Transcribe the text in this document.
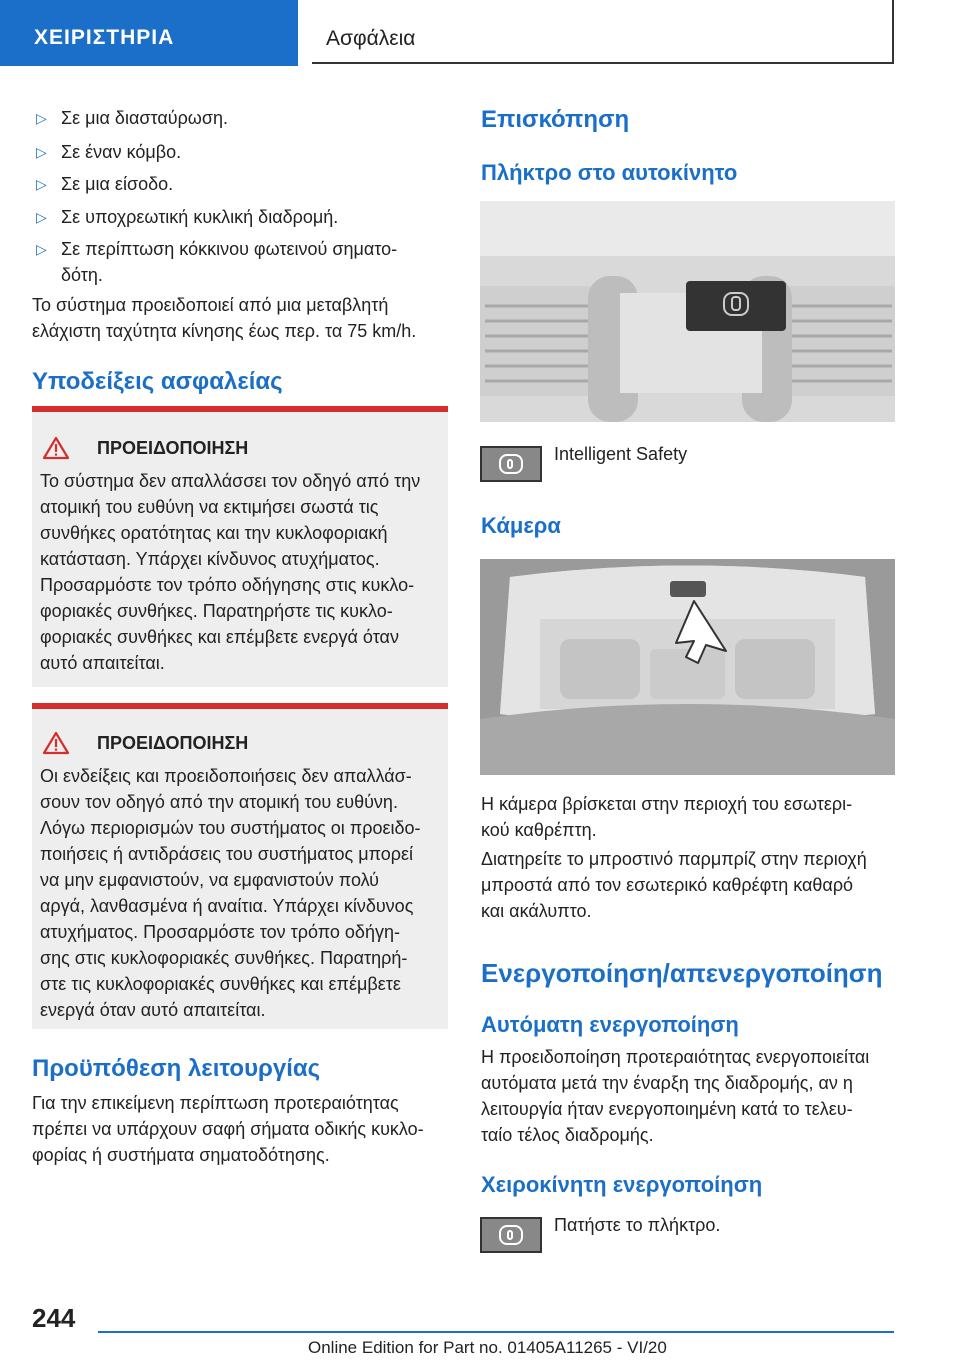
ΧΕΙΡΙΣΤΗΡΙΑ	Ασφάλεια
▷ Σε μια διασταύρωση.
▷ Σε έναν κόμβο.
▷ Σε μια είσοδο.
▷ Σε υποχρεωτική κυκλική διαδρομή.
▷ Σε περίπτωση κόκκινου φωτεινού σηματο-
δότη.
Το σύστημα προειδοποιεί από μια μεταβλητή
ελάχιστη ταχύτητα κίνησης έως περ. τα 75 km/h.
Υποδείξεις ασφαλείας
ΠΡΟΕΙΔΟΠΟΙΗΣΗ
Το σύστημα δεν απαλλάσσει τον οδηγό από την
ατομική του ευθύνη να εκτιμήσει σωστά τις
συνθήκες ορατότητας και την κυκλοφοριακή
κατάσταση. Υπάρχει κίνδυνος ατυχήματος.
Προσαρμόστε τον τρόπο οδήγησης στις κυκλο-
φοριακές συνθήκες. Παρατηρήστε τις κυκλο-
φοριακές συνθήκες και επέμβετε ενεργά όταν
αυτό απαιτείται.
ΠΡΟΕΙΔΟΠΟΙΗΣΗ
Οι ενδείξεις και προειδοποιήσεις δεν απαλλάσ-
σουν τον οδηγό από την ατομική του ευθύνη.
Λόγω περιορισμών του συστήματος οι προειδο-
ποιήσεις ή αντιδράσεις του συστήματος μπορεί
να μην εμφανιστούν, να εμφανιστούν πολύ
αργά, λανθασμένα ή αναίτια. Υπάρχει κίνδυνος
ατυχήματος. Προσαρμόστε τον τρόπο οδήγη-
σης στις κυκλοφοριακές συνθήκες. Παρατηρή-
στε τις κυκλοφοριακές συνθήκες και επέμβετε
ενεργά όταν αυτό απαιτείται.
Προϋπόθεση λειτουργίας
Για την επικείμενη περίπτωση προτεραιότητας
πρέπει να υπάρχουν σαφή σήματα οδικής κυκλο-
φορίας ή συστήματα σηματοδότησης.
Επισκόπηση
Πλήκτρο στο αυτοκίνητο
Intelligent Safety
Κάμερα
Η κάμερα βρίσκεται στην περιοχή του εσωτερι-
κού καθρέπτη.
Διατηρείτε το μπροστινό παρμπρίζ στην περιοχή
μπροστά από τον εσωτερικό καθρέφτη καθαρό
και ακάλυπτο.
Ενεργοποίηση/απενεργοποίηση
Αυτόματη ενεργοποίηση
Η προειδοποίηση προτεραιότητας ενεργοποιείται
αυτόματα μετά την έναρξη της διαδρομής, αν η
λειτουργία ήταν ενεργοποιημένη κατά το τελευ-
ταίο τέλος διαδρομής.
Χειροκίνητη ενεργοποίηση
Πατήστε το πλήκτρο.
244
Online Edition for Part no. 01405A11265 - VI/20
